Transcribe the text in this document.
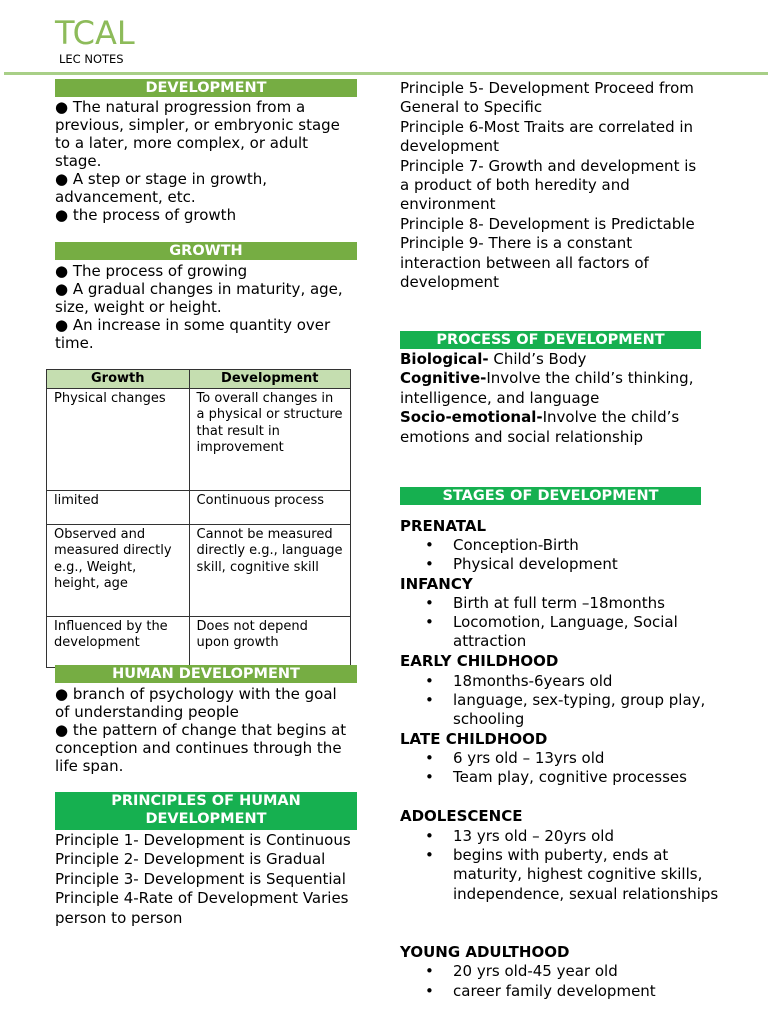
TCAL
LEC NOTES
DEVELOPMENT

● The natural progression from a previous, simpler, or embryonic stage to a later, more complex, or adult stage.

● A step or stage in growth, advancement, etc.

● the process of growth

GROWTH

● The process of growing

● A gradual changes in maturity, age, size, weight or height.

● An increase in some quantity over time.

Growth	Development
Physical changes	To overall changes in a physical or structure that result in improvement
limited	Continuous process
Observed and measured directly e.g., Weight, height, age	Cannot be measured directly e.g., language skill, cognitive skill
Influenced by the development	Does not depend upon growth
HUMAN DEVELOPMENT

● branch of psychology with the goal of understanding people

● the pattern of change that begins at conception and continues through the life span.

PRINCIPLES OF HUMAN
DEVELOPMENT

Principle 1- Development is Continuous

Principle 2- Development is Gradual

Principle 3- Development is Sequential

Principle 4-Rate of Development Varies person to person

Principle 5- Development Proceed from General to Specific

Principle 6-Most Traits are correlated in development

Principle 7- Growth and development is a product of both heredity and environment

Principle 8- Development is Predictable

Principle 9- There is a constant interaction between all factors of development

PROCESS OF DEVELOPMENT

Biological- Child’s Body

Cognitive-Involve the child’s thinking, intelligence, and language

Socio-emotional-Involve the child’s emotions and social relationship

STAGES OF DEVELOPMENT
PRENATAL
• Conception-Birth
• Physical development
INFANCY
• Birth at full term –18months
• Locomotion, Language, Social attraction
EARLY CHILDHOOD
• 18months-6years old
• language, sex-typing, group play, schooling
LATE CHILDHOOD
• 6 yrs old – 13yrs old
• Team play, cognitive processes
ADOLESCENCE
• 13 yrs old – 20yrs old
• begins with puberty, ends at maturity, highest cognitive skills, independence, sexual relationships
YOUNG ADULTHOOD
• 20 yrs old-45 year old
• career family development
